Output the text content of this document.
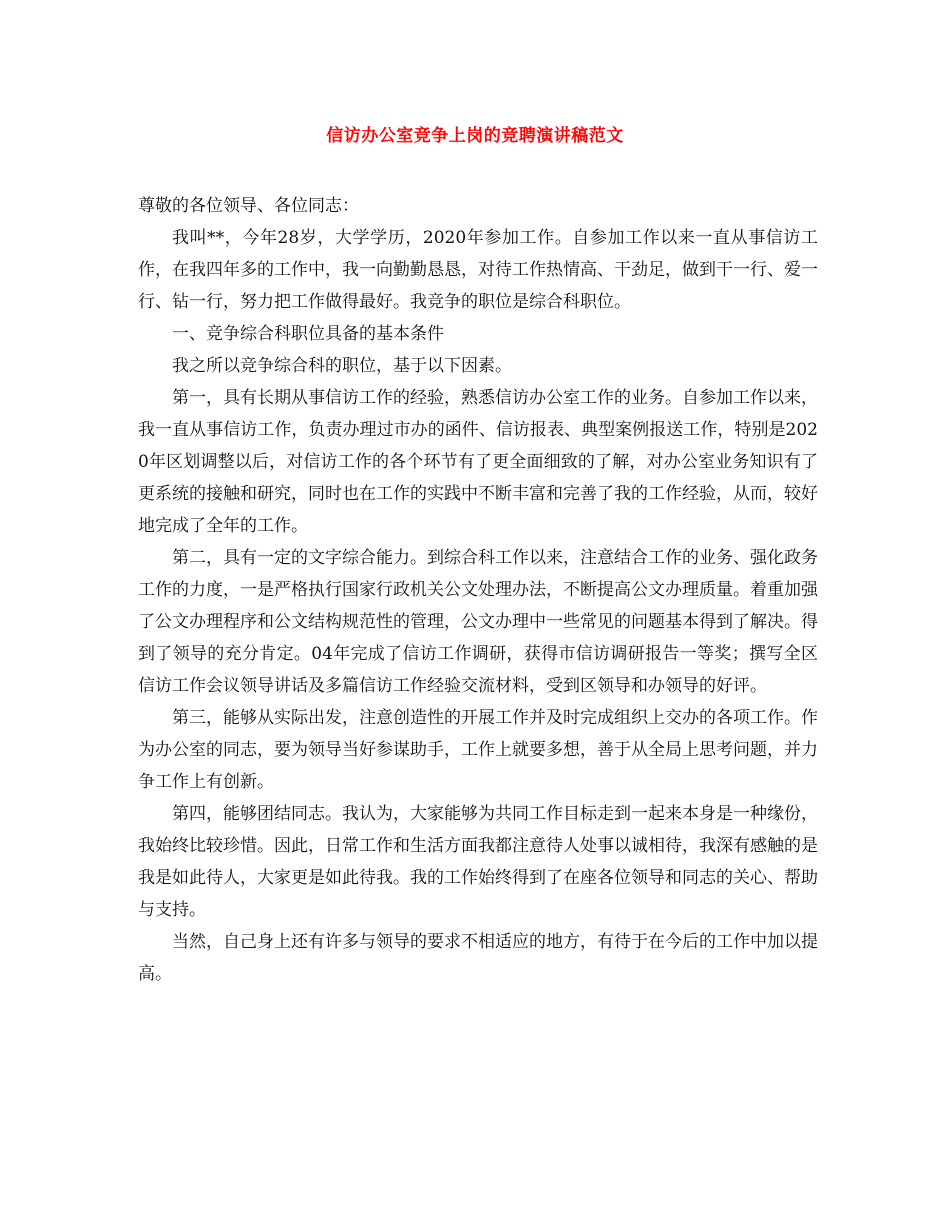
信访办公室竞争上岗的竞聘演讲稿范文

尊敬的各位领导、各位同志：

我叫**，今年28岁，大学学历，2020年参加工作。自参加工作以来一直从事信访工作，在我四年多的工作中，我一向勤勤恳恳，对待工作热情高、干劲足，做到干一行、爱一行、钻一行，努力把工作做得最好。我竞争的职位是综合科职位。

一、竞争综合科职位具备的基本条件

我之所以竞争综合科的职位，基于以下因素。

第一，具有长期从事信访工作的经验，熟悉信访办公室工作的业务。自参加工作以来，我一直从事信访工作，负责办理过市办的函件、信访报表、典型案例报送工作，特别是2020年区划调整以后，对信访工作的各个环节有了更全面细致的了解，对办公室业务知识有了更系统的接触和研究，同时也在工作的实践中不断丰富和完善了我的工作经验，从而，较好地完成了全年的工作。

第二，具有一定的文字综合能力。到综合科工作以来，注意结合工作的业务、强化政务工作的力度，一是严格执行国家行政机关公文处理办法，不断提高公文办理质量。着重加强了公文办理程序和公文结构规范性的管理，公文办理中一些常见的问题基本得到了解决。得到了领导的充分肯定。04年完成了信访工作调研，获得市信访调研报告一等奖；撰写全区信访工作会议领导讲话及多篇信访工作经验交流材料，受到区领导和办领导的好评。

第三，能够从实际出发，注意创造性的开展工作并及时完成组织上交办的各项工作。作为办公室的同志，要为领导当好参谋助手，工作上就要多想，善于从全局上思考问题，并力争工作上有创新。

第四，能够团结同志。我认为，大家能够为共同工作目标走到一起来本身是一种缘份，我始终比较珍惜。因此，日常工作和生活方面我都注意待人处事以诚相待，我深有感触的是我是如此待人，大家更是如此待我。我的工作始终得到了在座各位领导和同志的关心、帮助与支持。

当然，自己身上还有许多与领导的要求不相适应的地方，有待于在今后的工作中加以提高。
